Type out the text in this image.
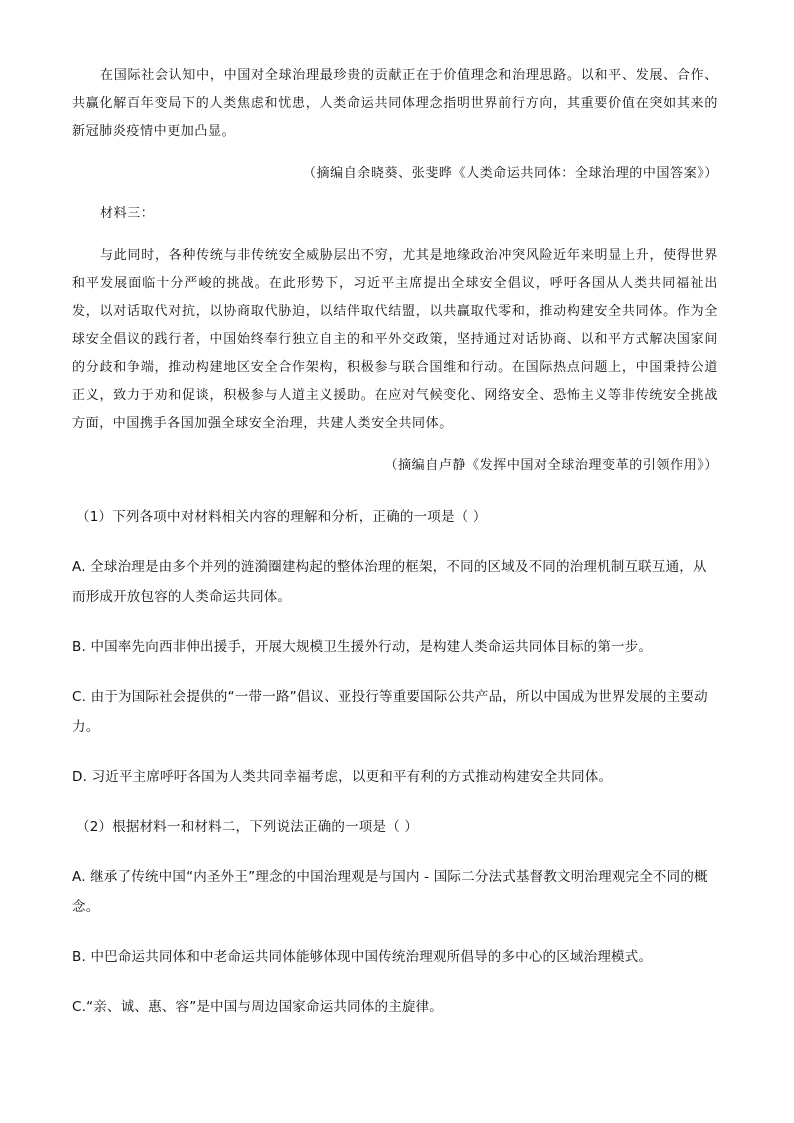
在国际社会认知中，中国对全球治理最珍贵的贡献正在于价值理念和治理思路。以和平、发展、合作、共赢化解百年变局下的人类焦虑和忧患，人类命运共同体理念指明世界前行方向，其重要价值在突如其来的新冠肺炎疫情中更加凸显。

（摘编自余晓葵、张斐晔《人类命运共同体：全球治理的中国答案》）

材料三：

与此同时，各种传统与非传统安全威胁层出不穷，尤其是地缘政治冲突风险近年来明显上升，使得世界和平发展面临十分严峻的挑战。在此形势下，习近平主席提出全球安全倡议，呼吁各国从人类共同福祉出发，以对话取代对抗，以协商取代胁迫，以结伴取代结盟，以共赢取代零和，推动构建安全共同体。作为全球安全倡议的践行者，中国始终奉行独立自主的和平外交政策，坚持通过对话协商、以和平方式解决国家间的分歧和争端，推动构建地区安全合作架构，积极参与联合国维和行动。在国际热点问题上，中国秉持公道正义，致力于劝和促谈，积极参与人道主义援助。在应对气候变化、网络安全、恐怖主义等非传统安全挑战方面，中国携手各国加强全球安全治理，共建人类安全共同体。

（摘编自卢静《发挥中国对全球治理变革的引领作用》）

（1）下列各项中对材料相关内容的理解和分析，正确的一项是（ ）
A. 全球治理是由多个并列的涟漪圈建构起的整体治理的框架，不同的区域及不同的治理机制互联互通，从而形成开放包容的人类命运共同体。
B. 中国率先向西非伸出援手，开展大规模卫生援外行动，是构建人类命运共同体目标的第一步。
C. 由于为国际社会提供的“一带一路”倡议、亚投行等重要国际公共产品，所以中国成为世界发展的主要动力。
D. 习近平主席呼吁各国为人类共同幸福考虑，以更和平有利的方式推动构建安全共同体。
（2）根据材料一和材料二，下列说法正确的一项是（ ）
A. 继承了传统中国“内圣外王”理念的中国治理观是与国内 - 国际二分法式基督教文明治理观完全不同的概念。
B. 中巴命运共同体和中老命运共同体能够体现中国传统治理观所倡导的多中心的区域治理模式。
C.“亲、诚、惠、容”是中国与周边国家命运共同体的主旋律。
